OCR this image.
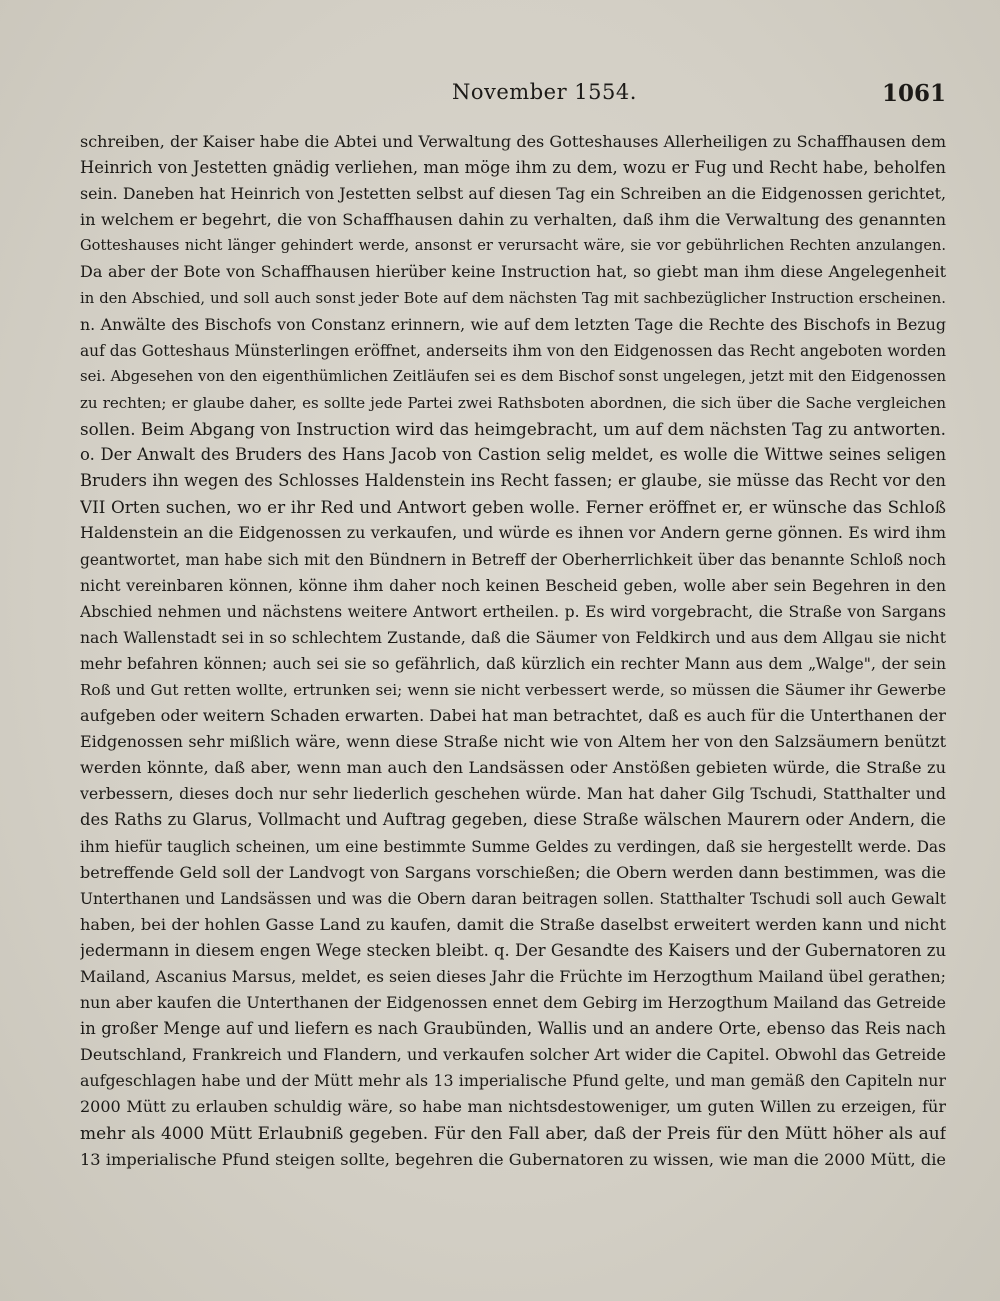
November 1554.	1061
schreiben, der Kaiser habe die Abtei und Verwaltung des Gotteshauses Allerheiligen zu Schaffhausen dem
Heinrich von Jestetten gnädig verliehen, man möge ihm zu dem, wozu er Fug und Recht habe, beholfen
sein. Daneben hat Heinrich von Jestetten selbst auf diesen Tag ein Schreiben an die Eidgenossen gerichtet,
in welchem er begehrt, die von Schaffhausen dahin zu verhalten, daß ihm die Verwaltung des genannten
Gotteshauses nicht länger gehindert werde, ansonst er verursacht wäre, sie vor gebührlichen Rechten anzulangen.
Da aber der Bote von Schaffhausen hierüber keine Instruction hat, so giebt man ihm diese Angelegenheit
in den Abschied, und soll auch sonst jeder Bote auf dem nächsten Tag mit sachbezüglicher Instruction erscheinen.
n. Anwälte des Bischofs von Constanz erinnern, wie auf dem letzten Tage die Rechte des Bischofs in Bezug
auf das Gotteshaus Münsterlingen eröffnet, anderseits ihm von den Eidgenossen das Recht angeboten worden
sei. Abgesehen von den eigenthümlichen Zeitläufen sei es dem Bischof sonst ungelegen, jetzt mit den Eidgenossen
zu rechten; er glaube daher, es sollte jede Partei zwei Rathsboten abordnen, die sich über die Sache vergleichen
sollen. Beim Abgang von Instruction wird das heimgebracht, um auf dem nächsten Tag zu antworten.
o. Der Anwalt des Bruders des Hans Jacob von Castion selig meldet, es wolle die Wittwe seines seligen
Bruders ihn wegen des Schlosses Haldenstein ins Recht fassen; er glaube, sie müsse das Recht vor den
VII Orten suchen, wo er ihr Red und Antwort geben wolle. Ferner eröffnet er, er wünsche das Schloß
Haldenstein an die Eidgenossen zu verkaufen, und würde es ihnen vor Andern gerne gönnen. Es wird ihm
geantwortet, man habe sich mit den Bündnern in Betreff der Oberherrlichkeit über das benannte Schloß noch
nicht vereinbaren können, könne ihm daher noch keinen Bescheid geben, wolle aber sein Begehren in den
Abschied nehmen und nächstens weitere Antwort ertheilen. p. Es wird vorgebracht, die Straße von Sargans
nach Wallenstadt sei in so schlechtem Zustande, daß die Säumer von Feldkirch und aus dem Allgau sie nicht
mehr befahren können; auch sei sie so gefährlich, daß kürzlich ein rechter Mann aus dem „Walge", der sein
Roß und Gut retten wollte, ertrunken sei; wenn sie nicht verbessert werde, so müssen die Säumer ihr Gewerbe
aufgeben oder weitern Schaden erwarten. Dabei hat man betrachtet, daß es auch für die Unterthanen der
Eidgenossen sehr mißlich wäre, wenn diese Straße nicht wie von Altem her von den Salzsäumern benützt
werden könnte, daß aber, wenn man auch den Landsässen oder Anstößen gebieten würde, die Straße zu
verbessern, dieses doch nur sehr liederlich geschehen würde. Man hat daher Gilg Tschudi, Statthalter und
des Raths zu Glarus, Vollmacht und Auftrag gegeben, diese Straße wälschen Maurern oder Andern, die
ihm hiefür tauglich scheinen, um eine bestimmte Summe Geldes zu verdingen, daß sie hergestellt werde. Das
betreffende Geld soll der Landvogt von Sargans vorschießen; die Obern werden dann bestimmen, was die
Unterthanen und Landsässen und was die Obern daran beitragen sollen. Statthalter Tschudi soll auch Gewalt
haben, bei der hohlen Gasse Land zu kaufen, damit die Straße daselbst erweitert werden kann und nicht
jedermann in diesem engen Wege stecken bleibt. q. Der Gesandte des Kaisers und der Gubernatoren zu
Mailand, Ascanius Marsus, meldet, es seien dieses Jahr die Früchte im Herzogthum Mailand übel gerathen;
nun aber kaufen die Unterthanen der Eidgenossen ennet dem Gebirg im Herzogthum Mailand das Getreide
in großer Menge auf und liefern es nach Graubünden, Wallis und an andere Orte, ebenso das Reis nach
Deutschland, Frankreich und Flandern, und verkaufen solcher Art wider die Capitel. Obwohl das Getreide
aufgeschlagen habe und der Mütt mehr als 13 imperialische Pfund gelte, und man gemäß den Capiteln nur
2000 Mütt zu erlauben schuldig wäre, so habe man nichtsdestoweniger, um guten Willen zu erzeigen, für
mehr als 4000 Mütt Erlaubniß gegeben. Für den Fall aber, daß der Preis für den Mütt höher als auf
13 imperialische Pfund steigen sollte, begehren die Gubernatoren zu wissen, wie man die 2000 Mütt, die
